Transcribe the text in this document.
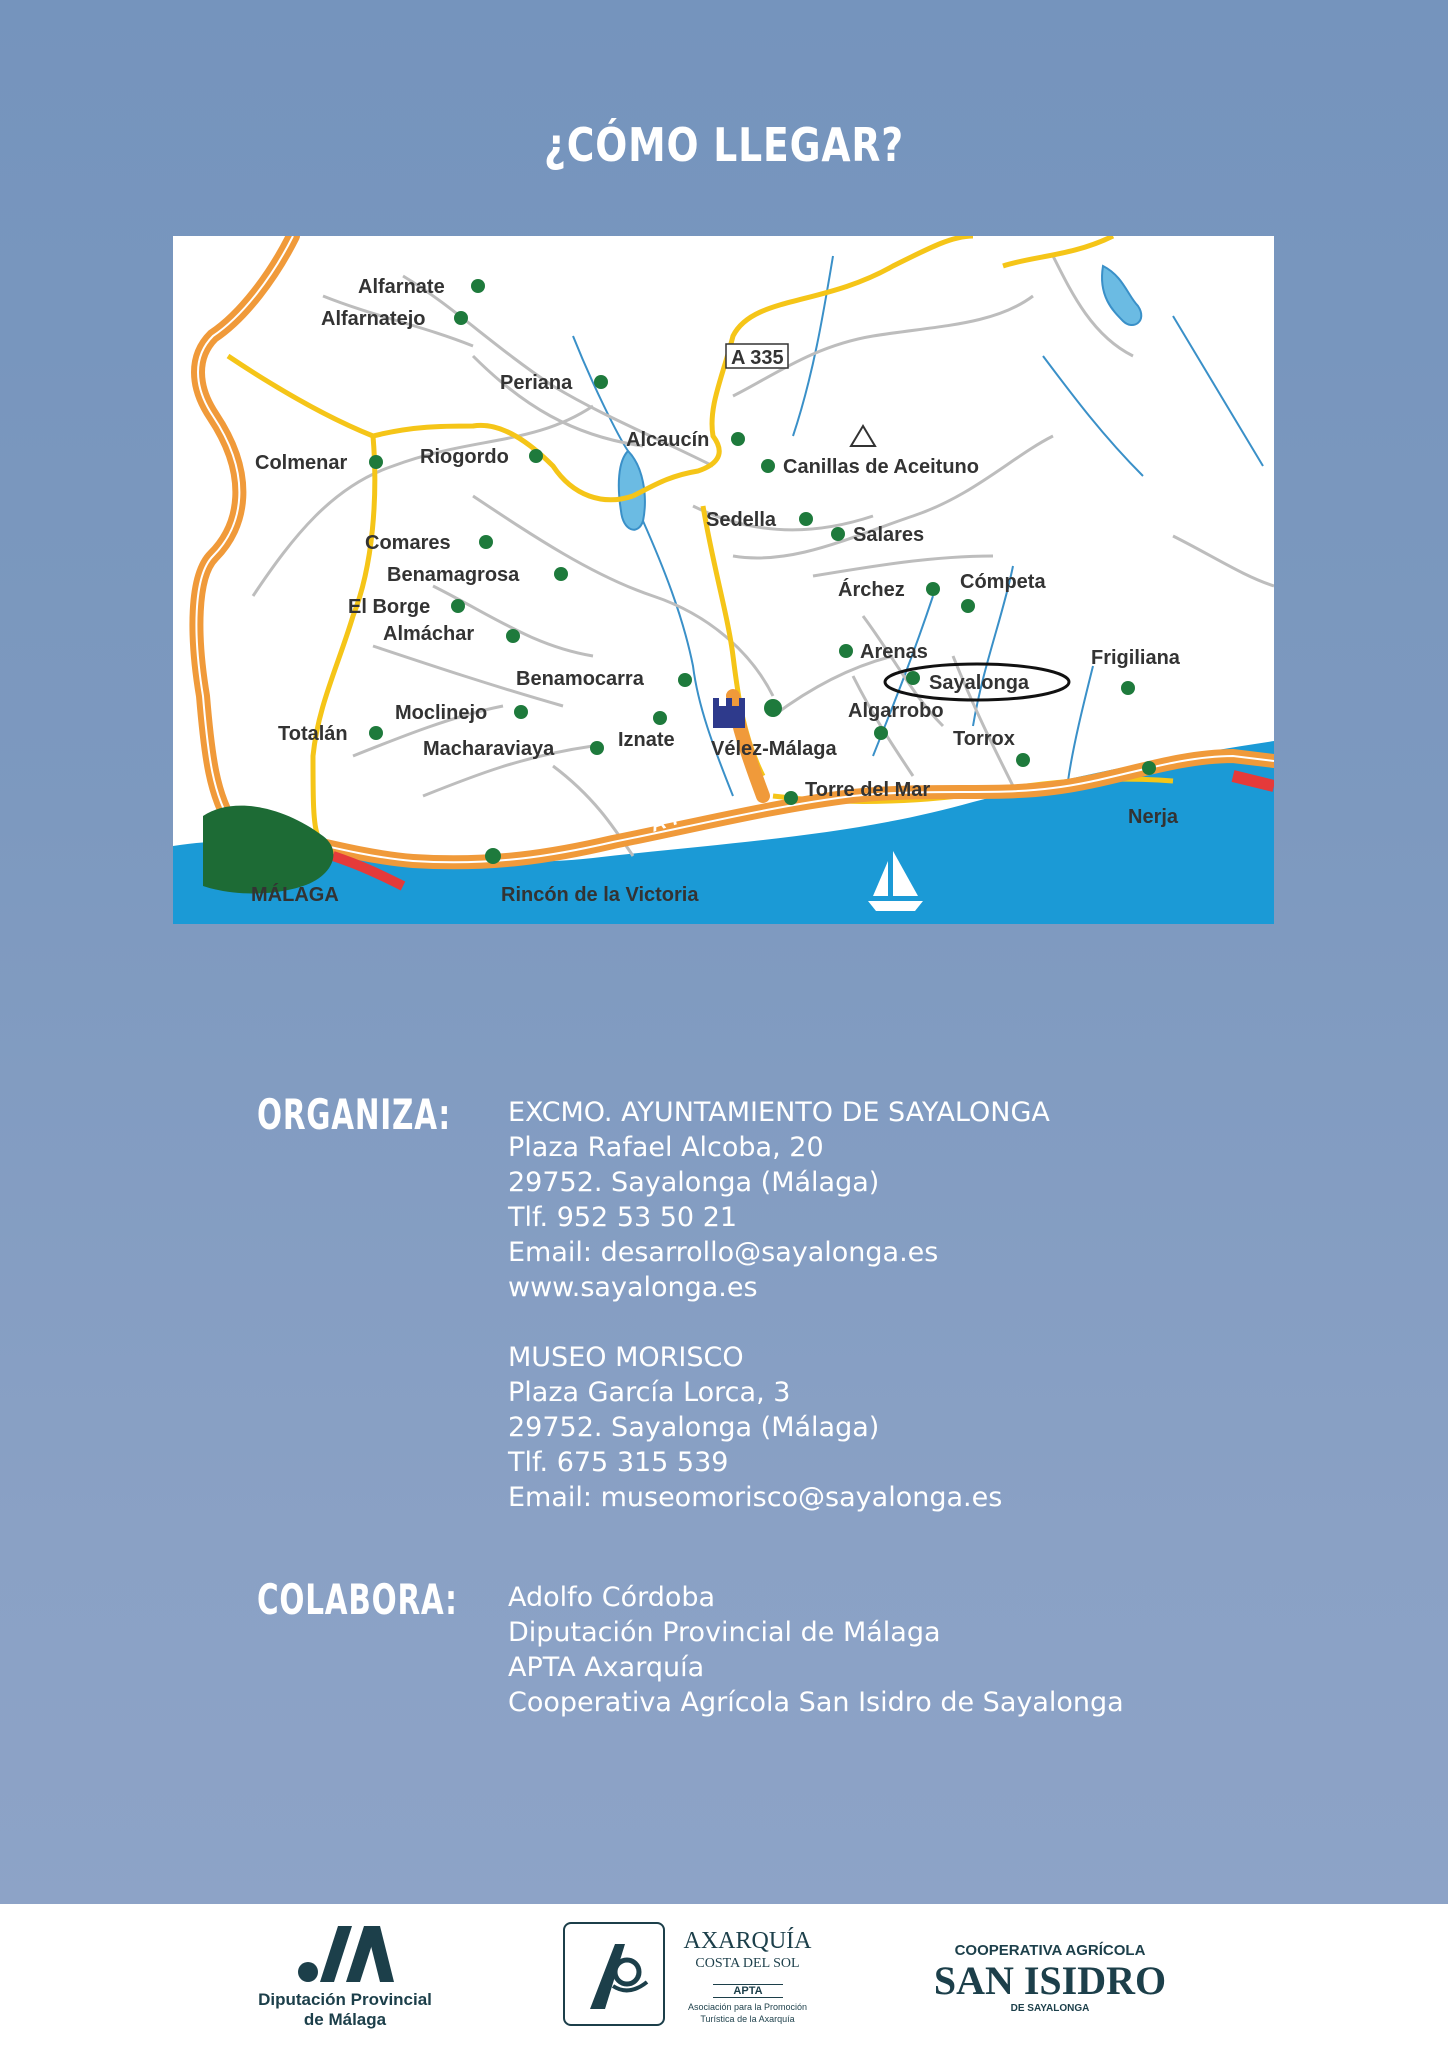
¿CÓMO LLEGAR?
A 45
A 335
A 7
Alfarnate
Alfarnatejo
Periana
Alcaucín
Canillas de Aceituno
Colmenar	Riogordo
Sedella
Salares
Comares
Benamagrosa
Árchez	Cómpeta
El Borge
Almáchar
Arenas	Frigiliana
Sayalonga
Benamocarra
Algarrobo
Moclinejo
Torrox
Totalán	Iznate
Macharaviaya	Vélez-Málaga
Torre del Mar
Nerja
MÁLAGA	Rincón de la Victoria
ORGANIZA: EXCMO. AYUNTAMIENTO DE SAYALONGA
Plaza Rafael Alcoba, 20
29752. Sayalonga (Málaga)
Tlf. 952 53 50 21
Email: desarrollo@sayalonga.es
www.sayalonga.es
MUSEO MORISCO
Plaza García Lorca, 3
29752. Sayalonga (Málaga)
Tlf. 675 315 539
Email: museomorisco@sayalonga.es
COLABORA: Adolfo Córdoba
Diputación Provincial de Málaga
APTA Axarquía
Cooperativa Agrícola San Isidro de Sayalonga
Diputación Provincial
de Málaga
AXARQUÍA
COSTA DEL SOL
APTA
Asociación para la Promoción
Turística de la Axarquía
COOPERATIVA AGRÍCOLA
SAN ISIDRO
DE SAYALONGA
